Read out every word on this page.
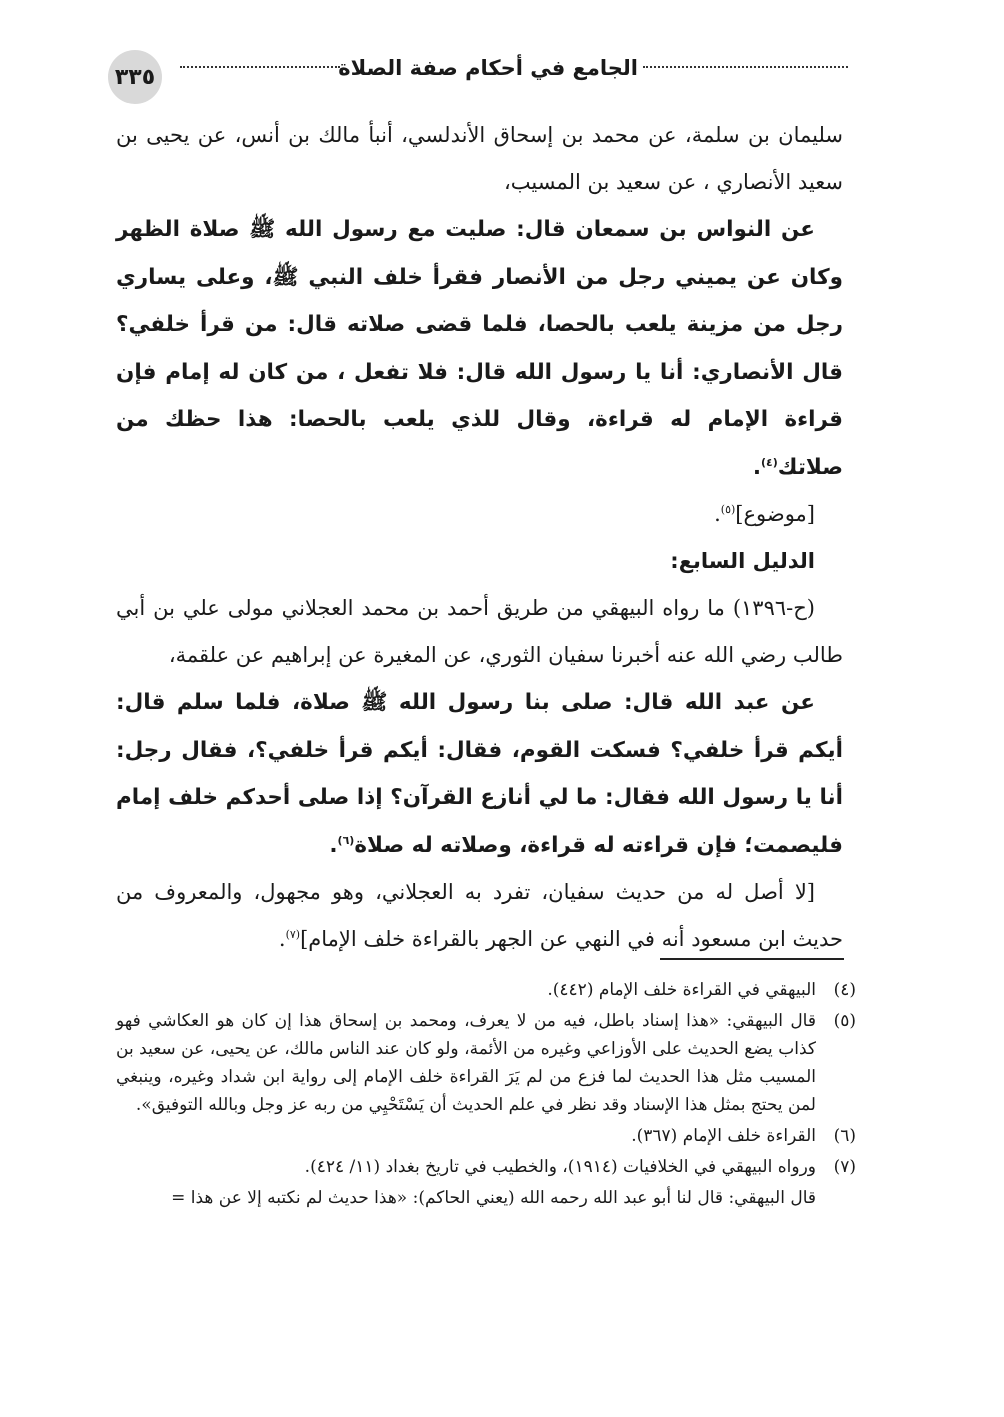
٣٣٥	الجامع في أحكام صفة الصلاة

سليمان بن سلمة، عن محمد بن إسحاق الأندلسي، أنبأ مالك بن أنس، عن يحيى بن سعيد الأنصاري ، عن سعيد بن المسيب،

عن النواس بن سمعان قال: صليت مع رسول الله ﷺ صلاة الظهر وكان عن يميني رجل من الأنصار فقرأ خلف النبي ﷺ، وعلى يساري رجل من مزينة يلعب بالحصا، فلما قضى صلاته قال: من قرأ خلفي؟ قال الأنصاري: أنا يا رسول الله قال: فلا تفعل ، من كان له إمام فإن قراءة الإمام له قراءة، وقال للذي يلعب بالحصا: هذا حظك من صلاتك$^{(٤)}$.

[موضوع]$^{(٥)}$.

الدليل السابع:

(ح-١٣٩٦) ما رواه البيهقي من طريق أحمد بن محمد العجلاني مولى علي بن أبي طالب رضي الله عنه أخبرنا سفيان الثوري، عن المغيرة عن إبراهيم عن علقمة،

عن عبد الله قال: صلى بنا رسول الله ﷺ صلاة، فلما سلم قال: أيكم قرأ خلفي؟ فسكت القوم، فقال: أيكم قرأ خلفي؟، فقال رجل: أنا يا رسول الله فقال: ما لي أنازع القرآن؟ إذا صلى أحدكم خلف إمام فليصمت؛ فإن قراءته له قراءة، وصلاته له صلاة$^{(٦)}$.

[لا أصل له من حديث سفيان، تفرد به العجلاني، وهو مجهول، والمعروف من حديث ابن مسعود أنه في النهي عن الجهر بالقراءة خلف الإمام]$^{(٧)}$.

(٤)
البيهقي في القراءة خلف الإمام (٤٤٢).
(٥)
قال البيهقي: «هذا إسناد باطل، فيه من لا يعرف، ومحمد بن إسحاق هذا إن كان هو العكاشي فهو كذاب يضع الحديث على الأوزاعي وغيره من الأئمة، ولو كان عند الناس مالك، عن يحيى، عن سعيد بن المسيب مثل هذا الحديث لما فزع من لم يَرَ القراءة خلف الإمام إلى رواية ابن شداد وغيره، وينبغي لمن يحتج بمثل هذا الإسناد وقد نظر في علم الحديث أن يَسْتَحْيِي من ربه عز وجل وبالله التوفيق».
(٦)
القراءة خلف الإمام (٣٦٧).
(٧)
ورواه البيهقي في الخلافيات (١٩١٤)، والخطيب في تاريخ بغداد (١١/ ٤٢٤).
قال البيهقي: قال لنا أبو عبد الله رحمه الله (يعني الحاكم): «هذا حديث لم نكتبه إلا عن هذا =
